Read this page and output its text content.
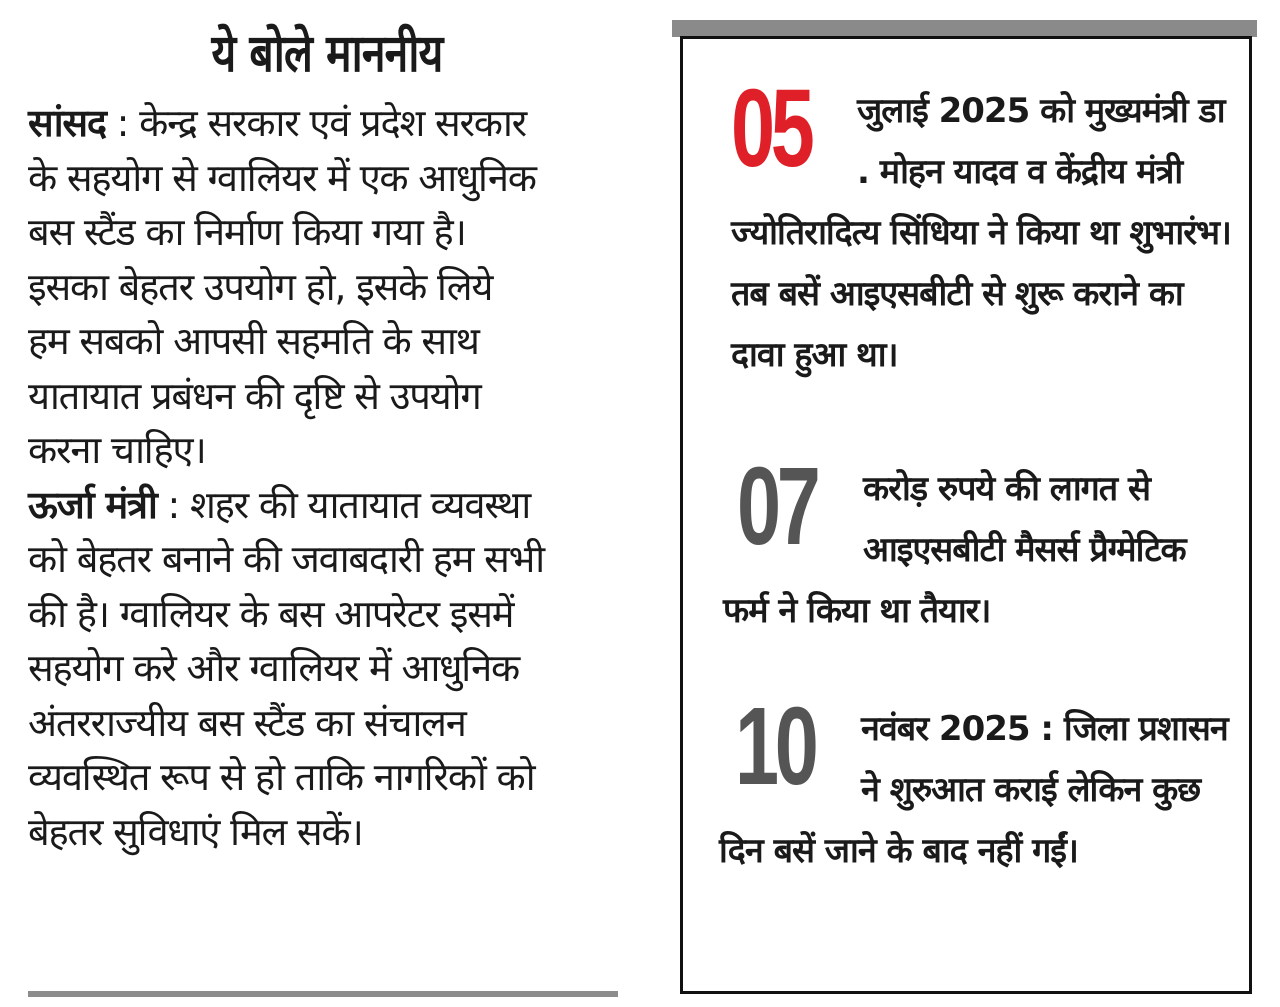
ये बोले माननीय
सांसद : केन्द्र सरकार एवं प्रदेश सरकार
के सहयोग से ग्वालियर में एक आधुनिक
बस स्टैंड का निर्माण किया गया है।
इसका बेहतर उपयोग हो, इसके लिये
हम सबको आपसी सहमति के साथ
यातायात प्रबंधन की दृष्टि से उपयोग
करना चाहिए।
ऊर्जा मंत्री : शहर की यातायात व्यवस्था
को बेहतर बनाने की जवाबदारी हम सभी
की है। ग्वालियर के बस आपरेटर इसमें
सहयोग करे और ग्वालियर में आधुनिक
अंतरराज्यीय बस स्टैंड का संचालन
व्यवस्थित रूप से हो ताकि नागरिकों को
बेहतर सुविधाएं मिल सकें।
05	जुलाई 2025 को मुख्यमंत्री डा . मोहन यादव व केंद्रीय मंत्री ज्योतिरादित्य सिंधिया ने किया था शुभारंभ। तब बसें आइएसबीटी से शुरू कराने का दावा हुआ था।
07	करोड़ रुपये की लागत से आइएसबीटी मैसर्स प्रैग्मेटिक फर्म ने किया था तैयार।
10	नवंबर 2025 : जिला प्रशासन ने शुरुआत कराई लेकिन कुछ दिन बसें जाने के बाद नहीं गईं।
